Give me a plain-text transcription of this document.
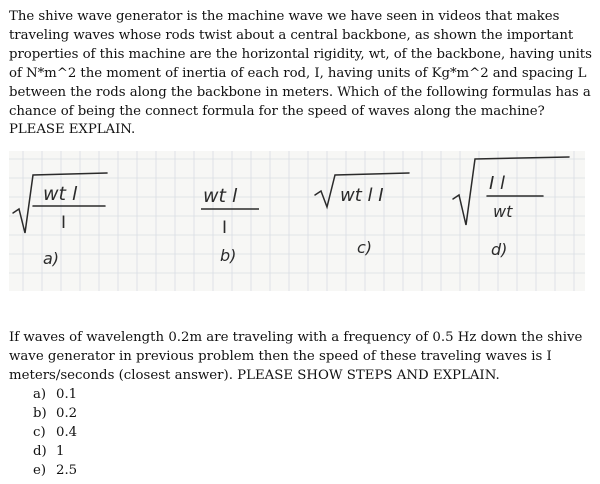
The shive wave generator is the machine wave we have seen in videos that makes traveling waves whose rods twist about a central backbone, as shown the important properties of this machine are the horizontal rigidity, wt, of the backbone, having units of N*m^2 the moment of inertia of each rod, I, having units of Kg*m^2 and spacing L between the rods along the backbone in meters. Which of the following formulas has a chance of being the connect formula for the speed of waves along the machine? PLEASE EXPLAIN.

wt l
I
a)
wt l
I
b)
wt l I
c)
I l
wt
d)

If waves of wavelength 0.2m are traveling with a frequency of 0.5 Hz down the shive wave generator in previous problem then the speed of these traveling waves is I meters/seconds (closest answer). PLEASE SHOW STEPS AND EXPLAIN.

a) 0.1
b) 0.2
c) 0.4
d) 1
e) 2.5
